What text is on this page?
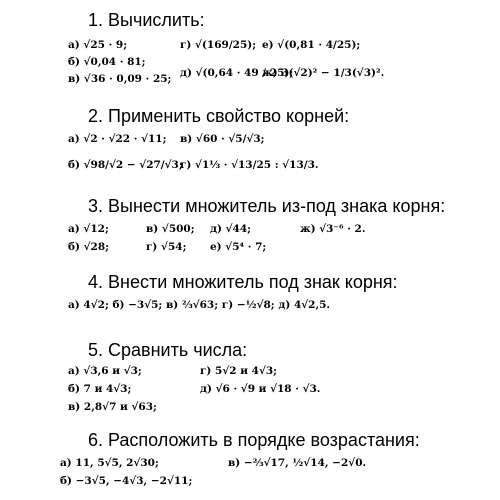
1. Вычислить:
а) √25 · 9;	г) √(169/25); е) √(0,81 · 4/25);
б) √0,04 · 81;
в) √36 · 0,09 · 25; д) √(0,64 · 49 / 25);
ж) 3(√2)² − 1/3(√3)².
2. Применить свойство корней:
а) √2 · √22 · √11; в) √60 · √5/√3;
б) √98/√2 − √27/√3;
г) √1⅓ · √13/25 : √13/3.
3. Вынести множитель из-под знака корня:
а) √12;	в) √500; д) √44;	ж) √3⁻⁶ · 2.
б) √28;	г) √54; е) √5⁴ · 7;
4. Внести множитель под знак корня:
а) 4√2; б) −3√5; в) ⅔√63; г) −½√8; д) 4√2,5.
5. Сравнить числа:
а) √3,6 и √3;	г) 5√2 и 4√3;
б) 7 и 4√3;	д) √6 · √9 и √18 · √3.
в) 2,8√7 и √63;
6. Расположить в порядке возрастания:
а) 11, 5√5, 2√30;	в) −⅔√17, ½√14, −2√0.
б) −3√5, −4√3, −2√11;
